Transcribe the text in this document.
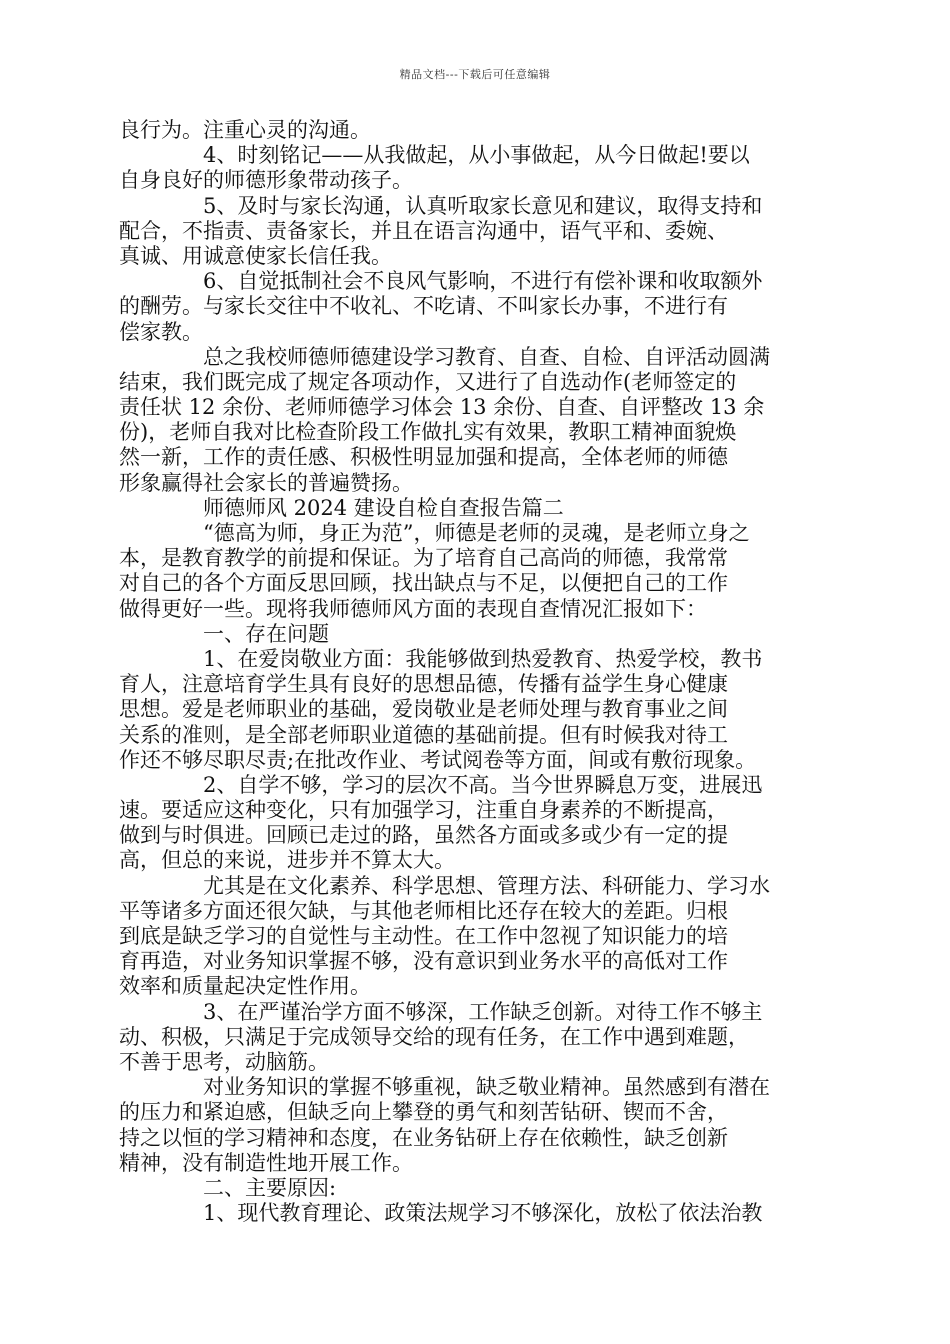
精品文档---下载后可任意编辑
良行为。注重心灵的沟通。
4、时刻铭记——从我做起，从小事做起，从今日做起!要以
自身良好的师德形象带动孩子。
5、及时与家长沟通，认真听取家长意见和建议，取得支持和
配合，不指责、责备家长，并且在语言沟通中，语气平和、委婉、
真诚、用诚意使家长信任我。
6、自觉抵制社会不良风气影响，不进行有偿补课和收取额外
的酬劳。与家长交往中不收礼、不吃请、不叫家长办事，不进行有
偿家教。
总之我校师德师德建设学习教育、自查、自检、自评活动圆满
结束，我们既完成了规定各项动作，又进行了自选动作(老师签定的
责任状 12 余份、老师师德学习体会 13 余份、自查、自评整改 13 余
份)，老师自我对比检查阶段工作做扎实有效果，教职工精神面貌焕
然一新，工作的责任感、积极性明显加强和提高，全体老师的师德
形象赢得社会家长的普遍赞扬。
师德师风 2024 建设自检自查报告篇二
“德高为师，身正为范”，师德是老师的灵魂，是老师立身之
本，是教育教学的前提和保证。为了培育自己高尚的师德，我常常
对自己的各个方面反思回顾，找出缺点与不足，以便把自己的工作
做得更好一些。现将我师德师风方面的表现自查情况汇报如下：
一、存在问题
1、在爱岗敬业方面：我能够做到热爱教育、热爱学校，教书
育人，注意培育学生具有良好的思想品德，传播有益学生身心健康
思想。爱是老师职业的基础，爱岗敬业是老师处理与教育事业之间
关系的准则，是全部老师职业道德的基础前提。但有时候我对待工
作还不够尽职尽责;在批改作业、考试阅卷等方面，间或有敷衍现象。
2、自学不够，学习的层次不高。当今世界瞬息万变，进展迅
速。要适应这种变化，只有加强学习，注重自身素养的不断提高，
做到与时俱进。回顾已走过的路，虽然各方面或多或少有一定的提
高，但总的来说，进步并不算太大。
尤其是在文化素养、科学思想、管理方法、科研能力、学习水
平等诸多方面还很欠缺，与其他老师相比还存在较大的差距。归根
到底是缺乏学习的自觉性与主动性。在工作中忽视了知识能力的培
育再造，对业务知识掌握不够，没有意识到业务水平的高低对工作
效率和质量起决定性作用。
3、在严谨治学方面不够深，工作缺乏创新。对待工作不够主
动、积极，只满足于完成领导交给的现有任务，在工作中遇到难题，
不善于思考，动脑筋。
对业务知识的掌握不够重视，缺乏敬业精神。虽然感到有潜在
的压力和紧迫感，但缺乏向上攀登的勇气和刻苦钻研、锲而不舍，
持之以恒的学习精神和态度，在业务钻研上存在依赖性，缺乏创新
精神，没有制造性地开展工作。
二、主要原因:
1、现代教育理论、政策法规学习不够深化，放松了依法治教
